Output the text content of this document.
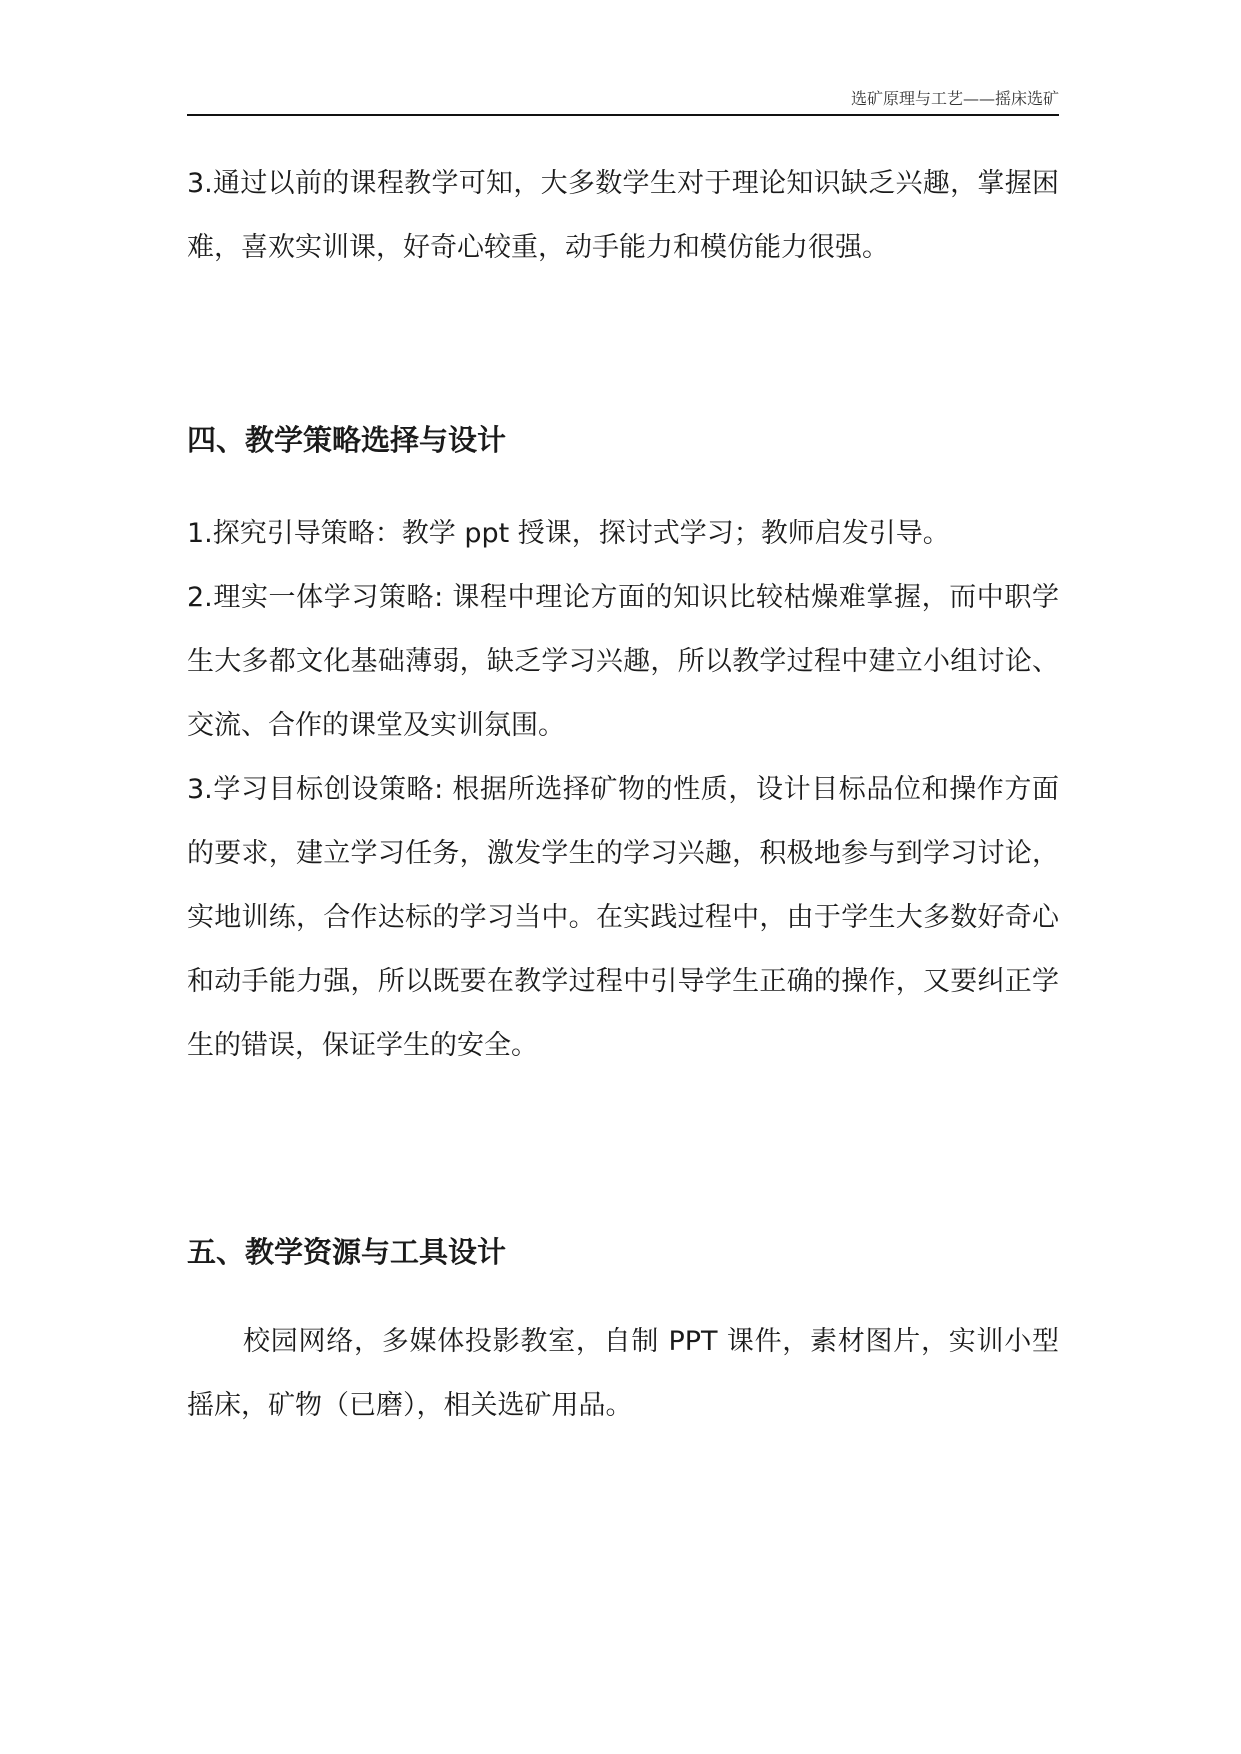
选矿原理与工艺——摇床选矿

3.通过以前的课程教学可知，大多数学生对于理论知识缺乏兴趣，掌握困难，喜欢实训课，好奇心较重，动手能力和模仿能力很强。

四、教学策略选择与设计

1.探究引导策略：教学 ppt 授课，探讨式学习；教师启发引导。

2.理实一体学习策略: 课程中理论方面的知识比较枯燥难掌握，而中职学生大多都文化基础薄弱，缺乏学习兴趣，所以教学过程中建立小组讨论、交流、合作的课堂及实训氛围。

3.学习目标创设策略: 根据所选择矿物的性质，设计目标品位和操作方面的要求，建立学习任务，激发学生的学习兴趣，积极地参与到学习讨论，实地训练，合作达标的学习当中。在实践过程中，由于学生大多数好奇心和动手能力强，所以既要在教学过程中引导学生正确的操作，又要纠正学生的错误，保证学生的安全。

五、教学资源与工具设计

校园网络，多媒体投影教室，自制 PPT 课件，素材图片，实训小型摇床，矿物（已磨），相关选矿用品。
